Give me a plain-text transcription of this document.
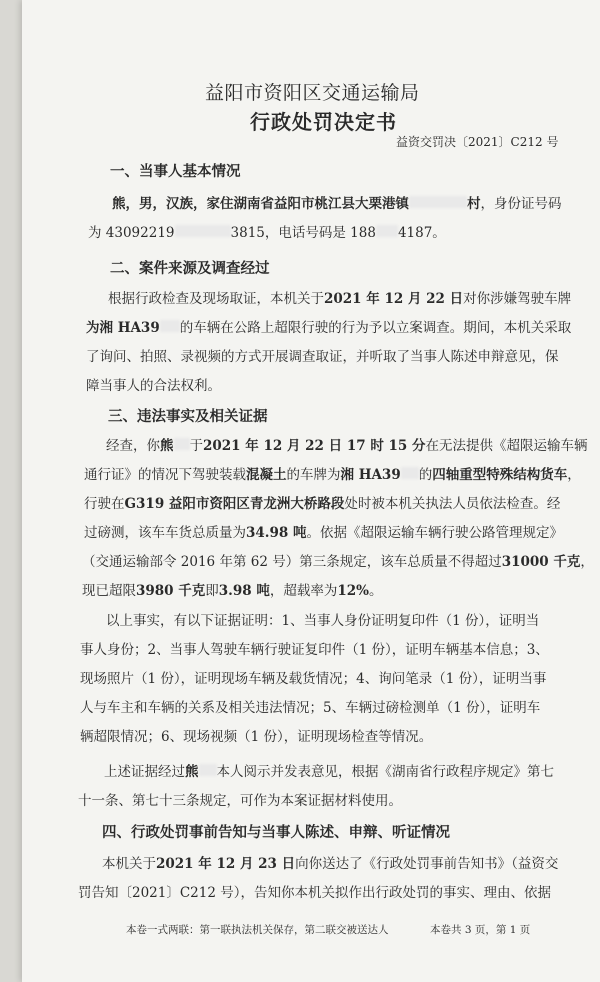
益阳市资阳区交通运输局
行政处罚决定书
益资交罚决〔2021〕C212 号
一、当事人基本情况
熊，男，汉族，家住湖南省益阳市桃江县大栗港镇	村，身份证号码
为 43092219	3815，电话号码是 188 4187。
二、案件来源及调查经过
根据行政检查及现场取证，本机关于2021 年 12 月 22 日对你涉嫌驾驶车牌
为湘 HA39 的车辆在公路上超限行驶的行为予以立案调查。期间，本机关采取
了询问、拍照、录视频的方式开展调查取证，并听取了当事人陈述申辩意见，保
障当事人的合法权利。
三、违法事实及相关证据
经查，你熊 于2021 年 12 月 22 日 17 时 15 分在无法提供《超限运输车辆
通行证》的情况下驾驶装载混凝土的车牌为湘 HA39 的四轴重型特殊结构货车，
行驶在G319 益阳市资阳区青龙洲大桥路段处时被本机关执法人员依法检查。经
过磅测，该车车货总质量为34.98 吨。依据《超限运输车辆行驶公路管理规定》
（交通运输部令 2016 年第 62 号）第三条规定，该车总质量不得超过31000 千克，
现已超限3980 千克即3.98 吨，超载率为12%。
以上事实，有以下证据证明：1、当事人身份证明复印件（1 份），证明当
事人身份；2、当事人驾驶车辆行驶证复印件（1 份），证明车辆基本信息；3、
现场照片（1 份），证明现场车辆及载货情况；4、询问笔录（1 份），证明当事
人与车主和车辆的关系及相关违法情况；5、车辆过磅检测单（1 份），证明车
辆超限情况；6、现场视频（1 份），证明现场检查等情况。
上述证据经过熊 本人阅示并发表意见，根据《湖南省行政程序规定》第七
十一条、第七十三条规定，可作为本案证据材料使用。
四、行政处罚事前告知与当事人陈述、申辩、听证情况
本机关于2021 年 12 月 23 日向你送达了《行政处罚事前告知书》（益资交
罚告知〔2021〕C212 号），告知你本机关拟作出行政处罚的事实、理由、依据
本卷一式两联：第一联执法机关保存，第二联交被送达人	本卷共 3 页，第 1 页
